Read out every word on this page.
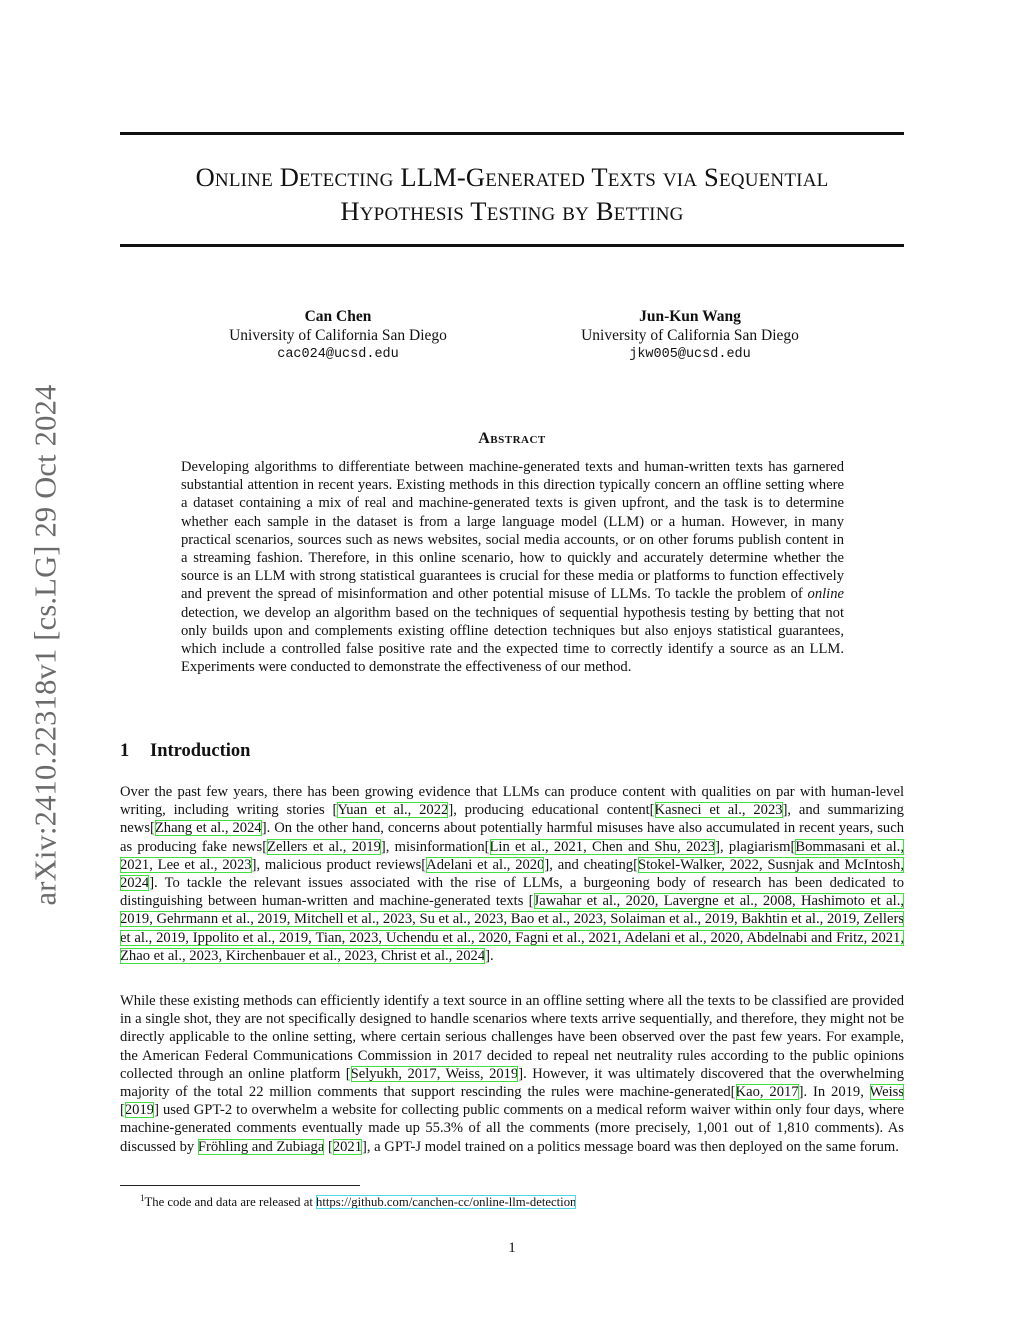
arXiv:2410.22318v1 [cs.LG] 29 Oct 2024
Online Detecting LLM-Generated Texts via Sequential
Hypothesis Testing by Betting
Can Chen
University of California San Diego
cac024@ucsd.edu
Jun-Kun Wang
University of California San Diego
jkw005@ucsd.edu
Abstract
Developing algorithms to differentiate between machine-generated texts and human-written texts has garnered substantial attention in recent years. Existing methods in this direction typically concern an offline setting where a dataset containing a mix of real and machine-generated texts is given upfront, and the task is to determine whether each sample in the dataset is from a large language model (LLM) or a human. However, in many practical scenarios, sources such as news websites, social media accounts, or on other forums publish content in a streaming fashion. Therefore, in this online scenario, how to quickly and accurately determine whether the source is an LLM with strong statistical guarantees is crucial for these media or platforms to function effectively and prevent the spread of misinformation and other potential misuse of LLMs. To tackle the problem of online detection, we develop an algorithm based on the techniques of sequential hypothesis testing by betting that not only builds upon and complements existing offline detection techniques but also enjoys statistical guarantees, which include a controlled false positive rate and the expected time to correctly identify a source as an LLM. Experiments were conducted to demonstrate the effectiveness of our method.
1 Introduction
Over the past few years, there has been growing evidence that LLMs can produce content with qualities on par with human-level writing, including writing stories [Yuan et al., 2022], producing educational content[Kasneci et al., 2023], and summarizing news[Zhang et al., 2024]. On the other hand, concerns about potentially harmful misuses have also accumulated in recent years, such as producing fake news[Zellers et al., 2019], misinformation[Lin et al., 2021, Chen and Shu, 2023], plagiarism[Bommasani et al., 2021, Lee et al., 2023], malicious product reviews[Adelani et al., 2020], and cheating[Stokel-Walker, 2022, Susnjak and McIntosh, 2024]. To tackle the relevant issues associated with the rise of LLMs, a burgeoning body of research has been dedicated to distinguishing between human-written and machine-generated texts [Jawahar et al., 2020, Lavergne et al., 2008, Hashimoto et al., 2019, Gehrmann et al., 2019, Mitchell et al., 2023, Su et al., 2023, Bao et al., 2023, Solaiman et al., 2019, Bakhtin et al., 2019, Zellers et al., 2019, Ippolito et al., 2019, Tian, 2023, Uchendu et al., 2020, Fagni et al., 2021, Adelani et al., 2020, Abdelnabi and Fritz, 2021, Zhao et al., 2023, Kirchenbauer et al., 2023, Christ et al., 2024].
While these existing methods can efficiently identify a text source in an offline setting where all the texts to be classified are provided in a single shot, they are not specifically designed to handle scenarios where texts arrive sequentially, and therefore, they might not be directly applicable to the online setting, where certain serious challenges have been observed over the past few years. For example, the American Federal Communications Commission in 2017 decided to repeal net neutrality rules according to the public opinions collected through an online platform [Selyukh, 2017, Weiss, 2019]. However, it was ultimately discovered that the overwhelming majority of the total 22 million comments that support rescinding the rules were machine-generated[Kao, 2017]. In 2019, Weiss [2019] used GPT-2 to overwhelm a website for collecting public comments on a medical reform waiver within only four days, where machine-generated comments eventually made up 55.3% of all the comments (more precisely, 1,001 out of 1,810 comments). As discussed by Fröhling and Zubiaga [2021], a GPT-J model trained on a politics message board was then deployed on the same forum.
$^1$The code and data are released at https://github.com/canchen-cc/online-llm-detection
1
